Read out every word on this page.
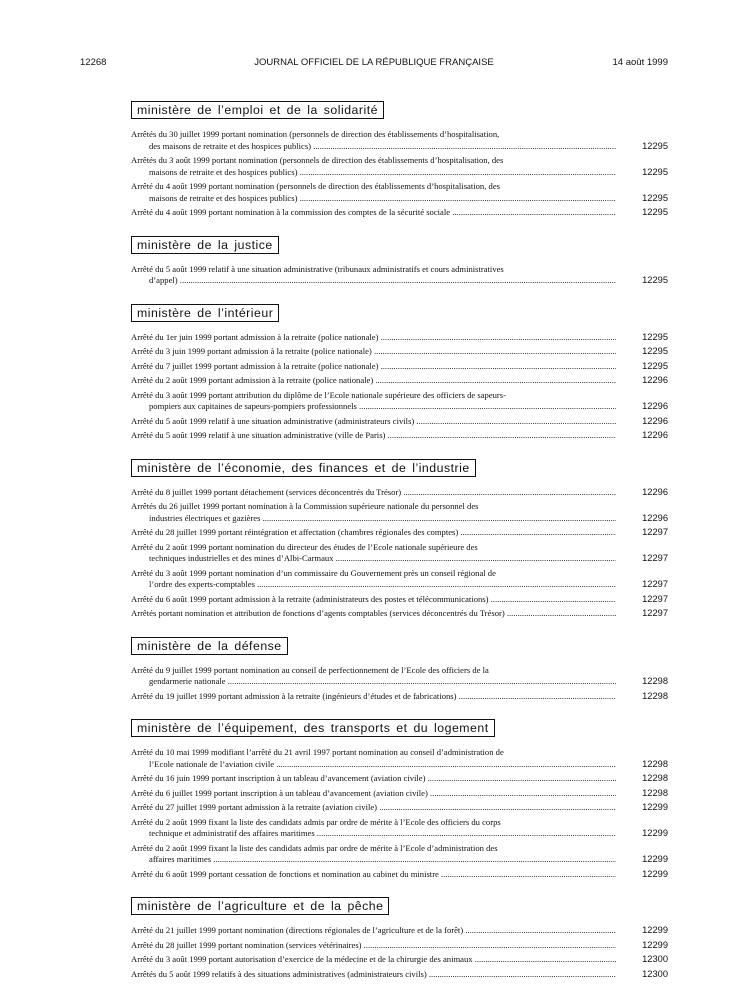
12268	JOURNAL OFFICIEL DE LA RÉPUBLIQUE FRANÇAISE	14 août 1999
ministère de l’emploi et de la solidarité
Arrêtés du 30 juillet 1999 portant nomination (personnels de direction des établissements d’hospitalisation,
des maisons de retraite et des hospices publics) .....	12295
Arrêtés du 3 août 1999 portant nomination (personnels de direction des établissements d’hospitalisation, des
maisons de retraite et des hospices publics) .....	12295
Arrêté du 4 août 1999 portant nomination (personnels de direction des établissements d’hospitalisation, des
maisons de retraite et des hospices publics) .....	12295
Arrêté du 4 août 1999 portant nomination à la commission des comptes de la sécurité sociale .....	12295
ministère de la justice
Arrêté du 5 août 1999 relatif à une situation administrative (tribunaux administratifs et cours administratives
d’appel) .....	12295
ministère de l’intérieur
Arrêté du 1er juin 1999 portant admission à la retraite (police nationale) .....	12295
Arrêté du 3 juin 1999 portant admission à la retraite (police nationale) .....	12295
Arrêté du 7 juillet 1999 portant admission à la retraite (police nationale) .....	12295
Arrêté du 2 août 1999 portant admission à la retraite (police nationale) .....	12296
Arrêté du 3 août 1999 portant attribution du diplôme de l’Ecole nationale supérieure des officiers de sapeurs-
pompiers aux capitaines de sapeurs-pompiers professionnels .....	12296
Arrêté du 5 août 1999 relatif à une situation administrative (administrateurs civils) .....	12296
Arrêté du 5 août 1999 relatif à une situation administrative (ville de Paris) .....	12296
ministère de l’économie, des finances et de l’industrie
Arrêté du 8 juillet 1999 portant détachement (services déconcentrés du Trésor) .....	12296
Arrêtés du 26 juillet 1999 portant nomination à la Commission supérieure nationale du personnel des
industries électriques et gazières .....	12296
Arrêté du 28 juillet 1999 portant réintégration et affectation (chambres régionales des comptes) .....	12297
Arrêté du 2 août 1999 portant nomination du directeur des études de l’Ecole nationale supérieure des
techniques industrielles et des mines d’Albi-Carmaux .....	12297
Arrêté du 3 août 1999 portant nomination d’un commissaire du Gouvernement près un conseil régional de
l’ordre des experts-comptables .....	12297
Arrêté du 6 août 1999 portant admission à la retraite (administrateurs des postes et télécommunications) .....	12297
Arrêtés portant nomination et attribution de fonctions d’agents comptables (services déconcentrés du Trésor) .....	12297
ministère de la défense
Arrêté du 9 juillet 1999 portant nomination au conseil de perfectionnement de l’Ecole des officiers de la
gendarmerie nationale .....	12298
Arrêté du 19 juillet 1999 portant admission à la retraite (ingénieurs d’études et de fabrications) .....	12298
ministère de l’équipement, des transports et du logement
Arrêté du 10 mai 1999 modifiant l’arrêté du 21 avril 1997 portant nomination au conseil d’administration de
l’Ecole nationale de l’aviation civile .....	12298
Arrêté du 16 juin 1999 portant inscription à un tableau d’avancement (aviation civile) .....	12298
Arrêté du 6 juillet 1999 portant inscription à un tableau d’avancement (aviation civile) .....	12298
Arrêté du 27 juillet 1999 portant admission à la retraite (aviation civile) .....	12299
Arrêté du 2 août 1999 fixant la liste des candidats admis par ordre de mérite à l’Ecole des officiers du corps
technique et administratif des affaires maritimes .....	12299
Arrêté du 2 août 1999 fixant la liste des candidats admis par ordre de mérite à l’Ecole d’administration des
affaires maritimes .....	12299
Arrêté du 6 août 1999 portant cessation de fonctions et nomination au cabinet du ministre .....	12299
ministère de l’agriculture et de la pêche
Arrêté du 21 juillet 1999 portant nomination (directions régionales de l’agriculture et de la forêt) .....	12299
Arrêté du 28 juillet 1999 portant nomination (services vétérinaires) .....	12299
Arrêté du 3 août 1999 portant autorisation d’exercice de la médecine et de la chirurgie des animaux .....	12300
Arrêtés du 5 août 1999 relatifs à des situations administratives (administrateurs civils) .....	12300
